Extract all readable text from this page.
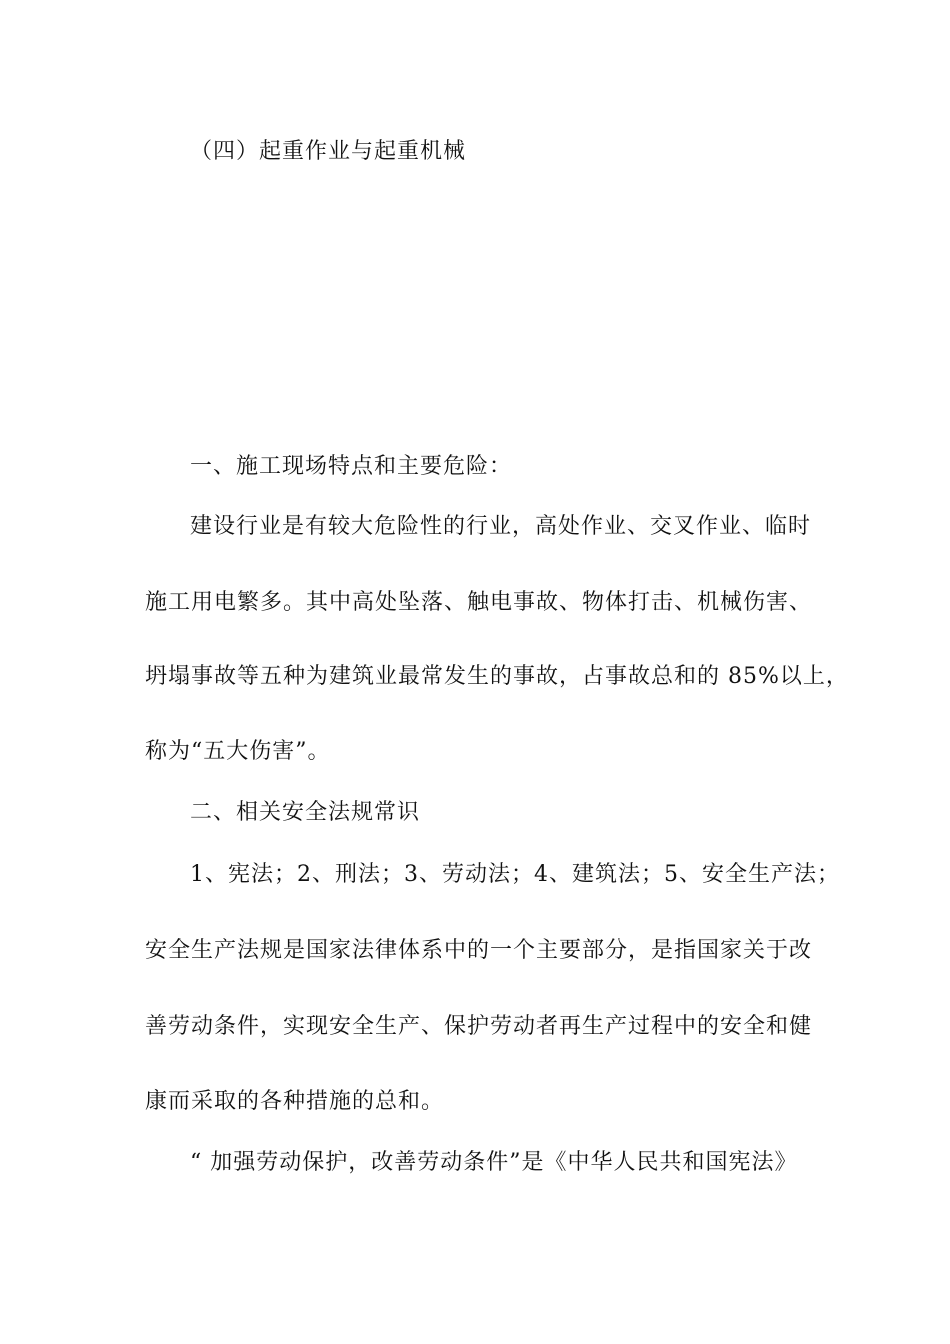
（四）起重作业与起重机械
一、施工现场特点和主要危险：
建设行业是有较大危险性的行业，高处作业、交叉作业、临时
施工用电繁多。其中高处坠落、触电事故、物体打击、机械伤害、
坍塌事故等五种为建筑业最常发生的事故，占事故总和的 85%以上，
称为“五大伤害”。
二、相关安全法规常识
1、宪法；2、刑法；3、劳动法；4、建筑法；5、安全生产法；
安全生产法规是国家法律体系中的一个主要部分，是指国家关于改
善劳动条件，实现安全生产、保护劳动者再生产过程中的安全和健
康而采取的各种措施的总和。
“ 加强劳动保护，改善劳动条件”是《中华人民共和国宪法》
